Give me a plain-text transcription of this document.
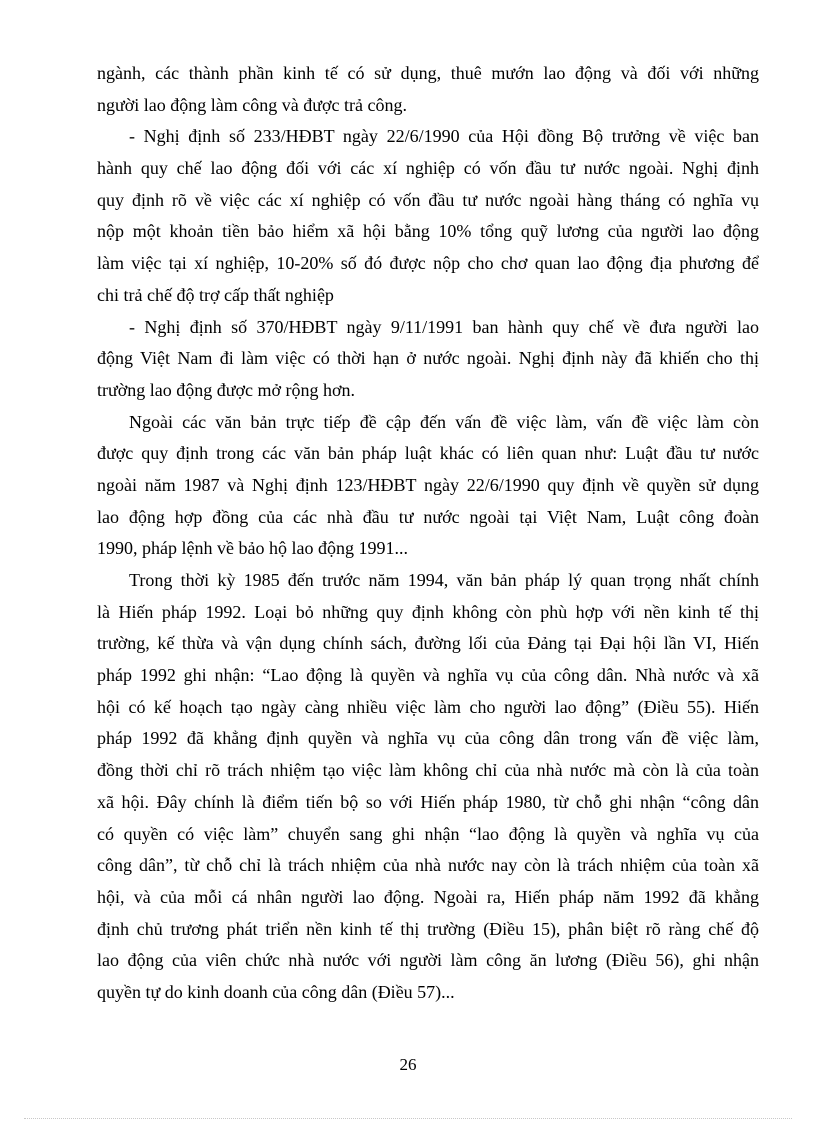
ngành, các thành phần kinh tế có sử dụng, thuê mướn lao động và đối với những
người lao động làm công và được trả công.
- Nghị định số 233/HĐBT ngày 22/6/1990 của Hội đồng Bộ trưởng về việc ban
hành quy chế lao động đối với các xí nghiệp có vốn đầu tư nước ngoài. Nghị định
quy định rõ về việc các xí nghiệp có vốn đầu tư nước ngoài hàng tháng có nghĩa vụ
nộp một khoản tiền bảo hiểm xã hội bằng 10% tổng quỹ lương của người lao động
làm việc tại xí nghiệp, 10-20% số đó được nộp cho chơ quan lao động địa phương để
chi trả chế độ trợ cấp thất nghiệp
- Nghị định số 370/HĐBT ngày 9/11/1991 ban hành quy chế về đưa người lao
động Việt Nam đi làm việc có thời hạn ở nước ngoài. Nghị định này đã khiến cho thị
trường lao động được mở rộng hơn.
Ngoài các văn bản trực tiếp đề cập đến vấn đề việc làm, vấn đề việc làm còn
được quy định trong các văn bản pháp luật khác có liên quan như: Luật đầu tư nước
ngoài năm 1987 và Nghị định 123/HĐBT ngày 22/6/1990 quy định về quyền sử dụng
lao động hợp đồng của các nhà đầu tư nước ngoài tại Việt Nam, Luật công đoàn
1990, pháp lệnh về bảo hộ lao động 1991...
Trong thời kỳ 1985 đến trước năm 1994, văn bản pháp lý quan trọng nhất chính
là Hiến pháp 1992. Loại bỏ những quy định không còn phù hợp với nền kinh tế thị
trường, kế thừa và vận dụng chính sách, đường lối của Đảng tại Đại hội lần VI, Hiến
pháp 1992 ghi nhận: “Lao động là quyền và nghĩa vụ của công dân. Nhà nước và xã
hội có kế hoạch tạo ngày càng nhiều việc làm cho người lao động” (Điều 55). Hiến
pháp 1992 đã khẳng định quyền và nghĩa vụ của công dân trong vấn đề việc làm,
đồng thời chỉ rõ trách nhiệm tạo việc làm không chỉ của nhà nước mà còn là của toàn
xã hội. Đây chính là điểm tiến bộ so với Hiến pháp 1980, từ chỗ ghi nhận “công dân
có quyền có việc làm” chuyển sang ghi nhận “lao động là quyền và nghĩa vụ của
công dân”, từ chỗ chỉ là trách nhiệm của nhà nước nay còn là trách nhiệm của toàn xã
hội, và của mỗi cá nhân người lao động. Ngoài ra, Hiến pháp năm 1992 đã khẳng
định chủ trương phát triển nền kinh tế thị trường (Điều 15), phân biệt rõ ràng chế độ
lao động của viên chức nhà nước với người làm công ăn lương (Điều 56), ghi nhận
quyền tự do kinh doanh của công dân (Điều 57)...
26
